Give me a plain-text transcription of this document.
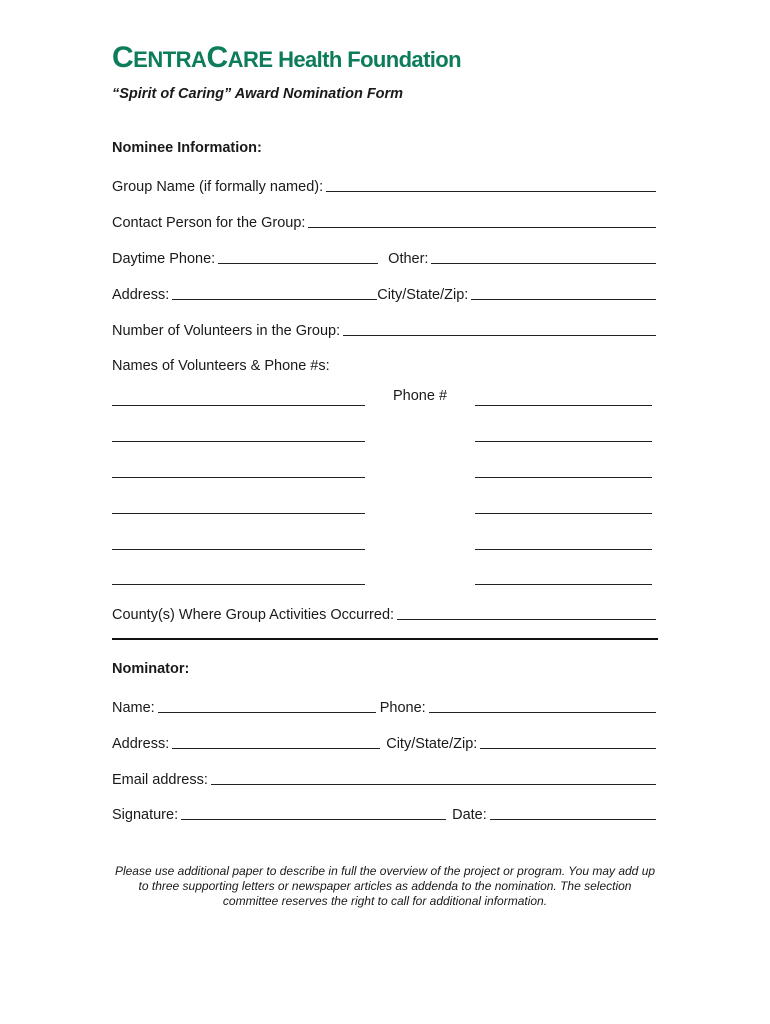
CENTRACARE Health Foundation
“Spirit of Caring” Award Nomination Form
Nominee Information:
Group Name (if formally named):
Contact Person for the Group:
Daytime Phone:	Other:
Address:	City/State/Zip:
Number of Volunteers in the Group:
Names of Volunteers & Phone #s:
Phone #
County(s) Where Group Activities Occurred:
Nominator:
Name:	Phone:
Address:	City/State/Zip:
Email address:
Signature:	Date:
Please use additional paper to describe in full the overview of the project or program. You may add up to three supporting letters or newspaper articles as addenda to the nomination. The selection committee reserves the right to call for additional information.
